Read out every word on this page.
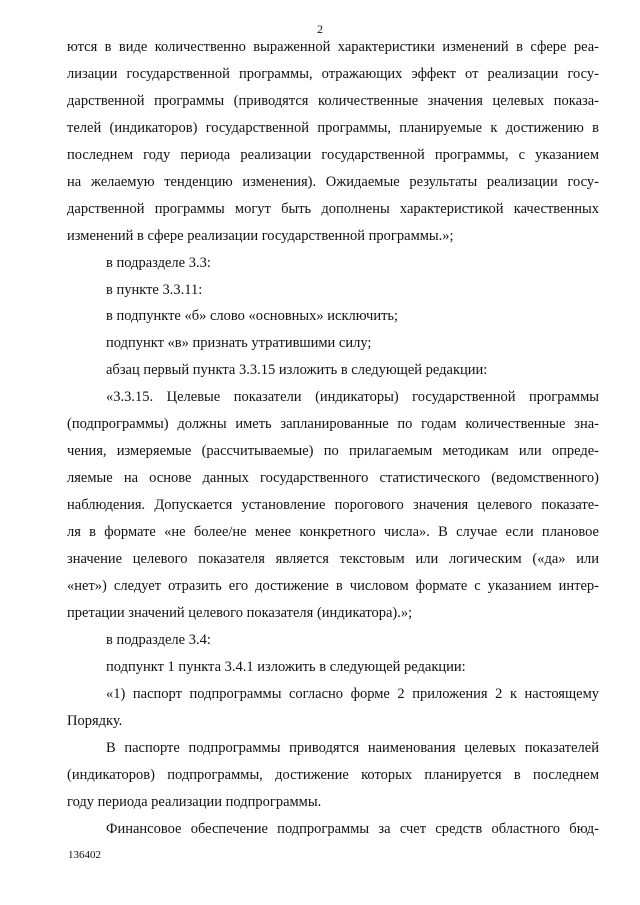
2
ются в виде количественно выраженной характеристики изменений в сфере реа-
лизации государственной программы, отражающих эффект от реализации госу-
дарственной программы (приводятся количественные значения целевых показа-
телей (индикаторов) государственной программы, планируемые к достижению в
последнем году периода реализации государственной программы, с указанием
на желаемую тенденцию изменения). Ожидаемые результаты реализации госу-
дарственной программы могут быть дополнены характеристикой качественных
изменений в сфере реализации государственной программы.»;
в подразделе 3.3:
в пункте 3.3.11:
в подпункте «б» слово «основных» исключить;
подпункт «в» признать утратившими силу;
абзац первый пункта 3.3.15 изложить в следующей редакции:
«3.3.15. Целевые показатели (индикаторы) государственной программы
(подпрограммы) должны иметь запланированные по годам количественные зна-
чения, измеряемые (рассчитываемые) по прилагаемым методикам или опреде-
ляемые на основе данных государственного статистического (ведомственного)
наблюдения. Допускается установление порогового значения целевого показате-
ля в формате «не более/не менее конкретного числа». В случае если плановое
значение целевого показателя является текстовым или логическим («да» или
«нет») следует отразить его достижение в числовом формате с указанием интер-
претации значений целевого показателя (индикатора).»;
в подразделе 3.4:
подпункт 1 пункта 3.4.1 изложить в следующей редакции:
«1) паспорт подпрограммы согласно форме 2 приложения 2 к настоящему
Порядку.
В паспорте подпрограммы приводятся наименования целевых показателей
(индикаторов) подпрограммы, достижение которых планируется в последнем
году периода реализации подпрограммы.
Финансовое обеспечение подпрограммы за счет средств областного бюд-
136402
